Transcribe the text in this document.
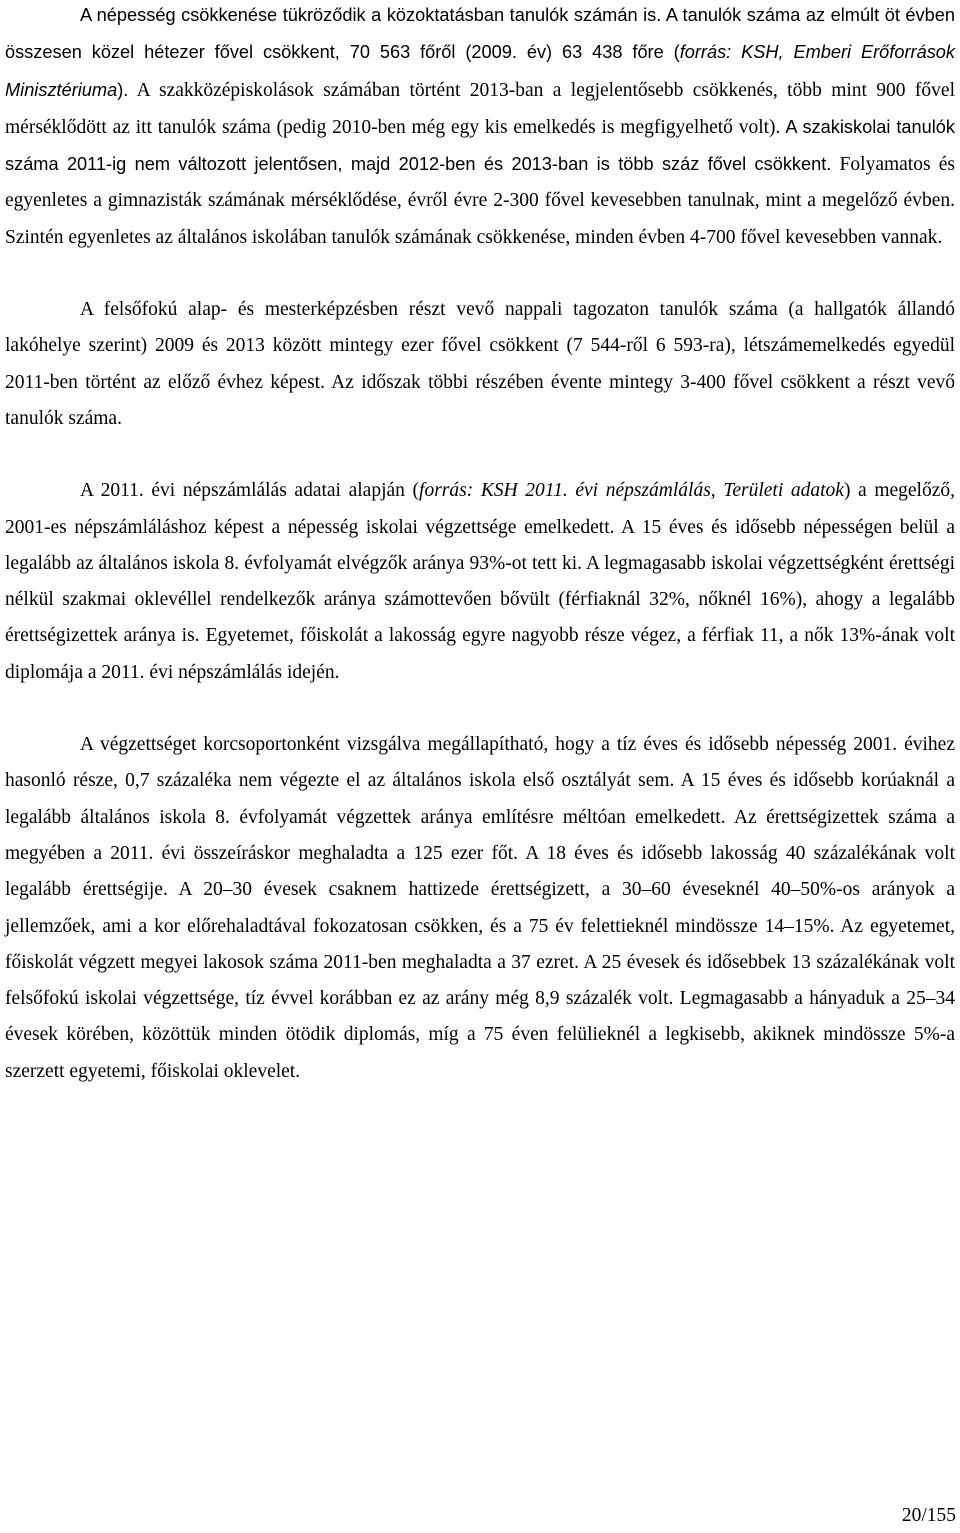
A népesség csökkenése tükröződik a közoktatásban tanulók számán is. A tanulók száma az elmúlt öt évben összesen közel hétezer fővel csökkent, 70 563 főről (2009. év) 63 438 főre (forrás: KSH, Emberi Erőforrások Minisztériuma). A szakközépiskolások számában történt 2013-ban a legjelentősebb csökkenés, több mint 900 fővel mérséklődött az itt tanulók száma (pedig 2010-ben még egy kis emelkedés is megfigyelhető volt). A szakiskolai tanulók száma 2011-ig nem változott jelentősen, majd 2012-ben és 2013-ban is több száz fővel csökkent. Folyamatos és egyenletes a gimnazisták számának mérséklődése, évről évre 2-300 fővel kevesebben tanulnak, mint a megelőző évben. Szintén egyenletes az általános iskolában tanulók számának csökkenése, minden évben 4-700 fővel kevesebben vannak.

A felsőfokú alap- és mesterképzésben részt vevő nappali tagozaton tanulók száma (a hallgatók állandó lakóhelye szerint) 2009 és 2013 között mintegy ezer fővel csökkent (7 544-ről 6 593-ra), létszámemelkedés egyedül 2011-ben történt az előző évhez képest. Az időszak többi részében évente mintegy 3-400 fővel csökkent a részt vevő tanulók száma.

A 2011. évi népszámlálás adatai alapján (forrás: KSH 2011. évi népszámlálás, Területi adatok) a megelőző, 2001-es népszámláláshoz képest a népesség iskolai végzettsége emelkedett. A 15 éves és idősebb népességen belül a legalább az általános iskola 8. évfolyamát elvégzők aránya 93%-ot tett ki. A legmagasabb iskolai végzettségként érettségi nélkül szakmai oklevéllel rendelkezők aránya számottevően bővült (férfiaknál 32%, nőknél 16%), ahogy a legalább érettségizettek aránya is. Egyetemet, főiskolát a lakosság egyre nagyobb része végez, a férfiak 11, a nők 13%-ának volt diplomája a 2011. évi népszámlálás idején.

A végzettséget korcsoportonként vizsgálva megállapítható, hogy a tíz éves és idősebb népesség 2001. évihez hasonló része, 0,7 százaléka nem végezte el az általános iskola első osztályát sem. A 15 éves és idősebb korúaknál a legalább általános iskola 8. évfolyamát végzettek aránya említésre méltóan emelkedett. Az érettségizettek száma a megyében a 2011. évi összeíráskor meghaladta a 125 ezer főt. A 18 éves és idősebb lakosság 40 százalékának volt legalább érettségije. A 20–30 évesek csaknem hattizede érettségizett, a 30–60 éveseknél 40–50%-os arányok a jellemzőek, ami a kor előrehaladtával fokozatosan csökken, és a 75 év felettieknél mindössze 14–15%. Az egyetemet, főiskolát végzett megyei lakosok száma 2011-ben meghaladta a 37 ezret. A 25 évesek és idősebbek 13 százalékának volt felsőfokú iskolai végzettsége, tíz évvel korábban ez az arány még 8,9 százalék volt. Legmagasabb a hányaduk a 25–34 évesek körében, közöttük minden ötödik diplomás, míg a 75 éven felülieknél a legkisebb, akiknek mindössze 5%-a szerzett egyetemi, főiskolai oklevelet.

20/155
